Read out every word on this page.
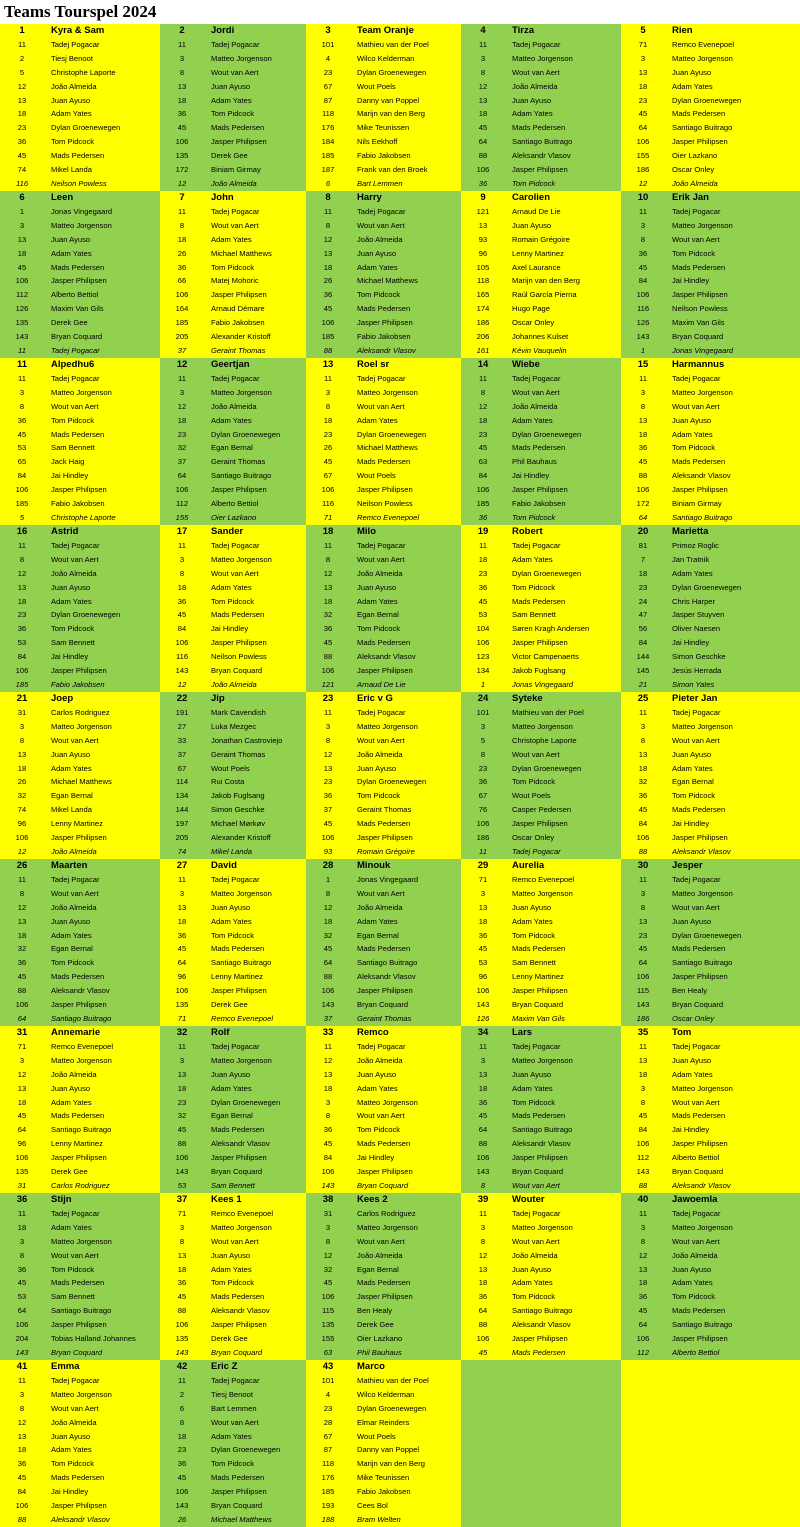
Teams Tourspel 2024
1	Kyra & Sam
11	Tadej Pogacar
2	Tiesj Benoot
5	Christophe Laporte
12	João Almeida
13	Juan Ayuso
18	Adam Yates
23	Dylan Groenewegen
36	Tom Pidcock
45	Mads Pedersen
74	Mikel Landa
116	Neilson Powless
2	Jordi
11	Tadej Pogacar
3	Matteo Jorgenson
8	Wout van Aert
13	Juan Ayuso
18	Adam Yates
36	Tom Pidcock
45	Mads Pedersen
106	Jasper Philipsen
135	Derek Gee
172	Biniam Girmay
12	João Almeida
3	Team Oranje
101	Mathieu van der Poel
4	Wilco Kelderman
23	Dylan Groenewegen
67	Wout Poels
87	Danny van Poppel
118	Marijn van den Berg
176	Mike Teunissen
184	Nils Eekhoff
185	Fabio Jakobsen
187	Frank van den Broek
6	Bart Lemmen
4	Tirza
11	Tadej Pogacar
3	Matteo Jorgenson
8	Wout van Aert
12	João Almeida
13	Juan Ayuso
18	Adam Yates
45	Mads Pedersen
64	Santiago Buitrago
88	Aleksandr Vlasov
106	Jasper Philipsen
36	Tom Pidcock
5	Rien
71	Remco Evenepoel
3	Matteo Jorgenson
13	Juan Ayuso
18	Adam Yates
23	Dylan Groenewegen
45	Mads Pedersen
64	Santiago Buitrago
106	Jasper Philipsen
155	Oier Lazkano
186	Oscar Onley
12	João Almeida
6	Leen
1	Jonas Vingegaard
3	Matteo Jorgenson
13	Juan Ayuso
18	Adam Yates
45	Mads Pedersen
106	Jasper Philipsen
112	Alberto Bettiol
126	Maxim Van Gils
135	Derek Gee
143	Bryan Coquard
11	Tadej Pogacar
7	John
11	Tadej Pogacar
8	Wout van Aert
18	Adam Yates
26	Michael Matthews
36	Tom Pidcock
66	Matej Mohoric
106	Jasper Philipsen
164	Arnaud Démare
185	Fabio Jakobsen
205	Alexander Kristoff
37	Geraint Thomas
8	Harry
11	Tadej Pogacar
8	Wout van Aert
12	João Almeida
13	Juan Ayuso
18	Adam Yates
26	Michael Matthews
36	Tom Pidcock
45	Mads Pedersen
106	Jasper Philipsen
185	Fabio Jakobsen
88	Aleksandr Vlasov
9	Carolien
121	Arnaud De Lie
13	Juan Ayuso
93	Romain Grégoire
96	Lenny Martinez
105	Axel Laurance
118	Marijn van den Berg
165	Raúl García Pierna
174	Hugo Page
186	Oscar Onley
206	Johannes Kulset
161	Kévin Vauquelin
10	Erik Jan
11	Tadej Pogacar
3	Matteo Jorgenson
8	Wout van Aert
36	Tom Pidcock
45	Mads Pedersen
84	Jai Hindley
106	Jasper Philipsen
116	Neilson Powless
126	Maxim Van Gils
143	Bryan Coquard
1	Jonas Vingegaard
11	Alpedhu6
11	Tadej Pogacar
3	Matteo Jorgenson
8	Wout van Aert
36	Tom Pidcock
45	Mads Pedersen
53	Sam Bennett
65	Jack Haig
84	Jai Hindley
106	Jasper Philipsen
185	Fabio Jakobsen
5	Christophe Laporte
12	Geertjan
11	Tadej Pogacar
3	Matteo Jorgenson
12	João Almeida
18	Adam Yates
23	Dylan Groenewegen
32	Egan Bernal
37	Geraint Thomas
64	Santiago Buitrago
106	Jasper Philipsen
112	Alberto Bettiol
155	Oier Lazkano
13	Roel sr
11	Tadej Pogacar
3	Matteo Jorgenson
8	Wout van Aert
18	Adam Yates
23	Dylan Groenewegen
26	Michael Matthews
45	Mads Pedersen
67	Wout Poels
106	Jasper Philipsen
116	Neilson Powless
71	Remco Evenepoel
14	Wiebe
11	Tadej Pogacar
8	Wout van Aert
12	João Almeida
18	Adam Yates
23	Dylan Groenewegen
45	Mads Pedersen
63	Phil Bauhaus
84	Jai Hindley
106	Jasper Philipsen
185	Fabio Jakobsen
36	Tom Pidcock
15	Harmannus
11	Tadej Pogacar
3	Matteo Jorgenson
8	Wout van Aert
13	Juan Ayuso
18	Adam Yates
36	Tom Pidcock
45	Mads Pedersen
88	Aleksandr Vlasov
106	Jasper Philipsen
172	Biniam Girmay
64	Santiago Buitrago
16	Astrid
11	Tadej Pogacar
8	Wout van Aert
12	João Almeida
13	Juan Ayuso
18	Adam Yates
23	Dylan Groenewegen
36	Tom Pidcock
53	Sam Bennett
84	Jai Hindley
106	Jasper Philipsen
185	Fabio Jakobsen
17	Sander
11	Tadej Pogacar
3	Matteo Jorgenson
8	Wout van Aert
18	Adam Yates
36	Tom Pidcock
45	Mads Pedersen
84	Jai Hindley
106	Jasper Philipsen
116	Neilson Powless
143	Bryan Coquard
12	João Almeida
18	Milo
11	Tadej Pogacar
8	Wout van Aert
12	João Almeida
13	Juan Ayuso
18	Adam Yates
32	Egan Bernal
36	Tom Pidcock
45	Mads Pedersen
88	Aleksandr Vlasov
106	Jasper Philipsen
121	Arnaud De Lie
19	Robert
11	Tadej Pogacar
18	Adam Yates
23	Dylan Groenewegen
36	Tom Pidcock
45	Mads Pedersen
53	Sam Bennett
104	Søren Kragh Andersen
106	Jasper Philipsen
123	Victor Campenaerts
134	Jakob Fuglsang
1	Jonas Vingegaard
20	Marietta
81	Primoz Roglic
7	Jan Tratnik
18	Adam Yates
23	Dylan Groenewegen
24	Chris Harper
47	Jasper Stuyven
56	Oliver Naesen
84	Jai Hindley
144	Simon Geschke
145	Jesús Herrada
21	Simon Yates
21	Joep
31	Carlos Rodriguez
3	Matteo Jorgenson
8	Wout van Aert
13	Juan Ayuso
18	Adam Yates
26	Michael Matthews
32	Egan Bernal
74	Mikel Landa
96	Lenny Martinez
106	Jasper Philipsen
12	João Almeida
22	Jip
191	Mark Cavendish
27	Luka Mezgec
33	Jonathan Castroviejo
37	Geraint Thomas
67	Wout Poels
114	Rui Costa
134	Jakob Fuglsang
144	Simon Geschke
197	Michael Mørkøv
205	Alexander Kristoff
74	Mikel Landa
23	Eric v G
11	Tadej Pogacar
3	Matteo Jorgenson
8	Wout van Aert
12	João Almeida
13	Juan Ayuso
23	Dylan Groenewegen
36	Tom Pidcock
37	Geraint Thomas
45	Mads Pedersen
106	Jasper Philipsen
93	Romain Grégoire
24	Syteke
101	Mathieu van der Poel
3	Matteo Jorgenson
5	Christophe Laporte
8	Wout van Aert
23	Dylan Groenewegen
36	Tom Pidcock
67	Wout Poels
76	Casper Pedersen
106	Jasper Philipsen
186	Oscar Onley
11	Tadej Pogacar
25	Pieter Jan
11	Tadej Pogacar
3	Matteo Jorgenson
8	Wout van Aert
13	Juan Ayuso
18	Adam Yates
32	Egan Bernal
36	Tom Pidcock
45	Mads Pedersen
84	Jai Hindley
106	Jasper Philipsen
88	Aleksandr Vlasov
26	Maarten
11	Tadej Pogacar
8	Wout van Aert
12	João Almeida
13	Juan Ayuso
18	Adam Yates
32	Egan Bernal
36	Tom Pidcock
45	Mads Pedersen
88	Aleksandr Vlasov
106	Jasper Philipsen
64	Santiago Buitrago
27	David
11	Tadej Pogacar
3	Matteo Jorgenson
13	Juan Ayuso
18	Adam Yates
36	Tom Pidcock
45	Mads Pedersen
64	Santiago Buitrago
96	Lenny Martinez
106	Jasper Philipsen
135	Derek Gee
71	Remco Evenepoel
28	Minouk
1	Jonas Vingegaard
8	Wout van Aert
12	João Almeida
18	Adam Yates
32	Egan Bernal
45	Mads Pedersen
64	Santiago Buitrago
88	Aleksandr Vlasov
106	Jasper Philipsen
143	Bryan Coquard
37	Geraint Thomas
29	Aurelia
71	Remco Evenepoel
3	Matteo Jorgenson
13	Juan Ayuso
18	Adam Yates
36	Tom Pidcock
45	Mads Pedersen
53	Sam Bennett
96	Lenny Martinez
106	Jasper Philipsen
143	Bryan Coquard
126	Maxim Van Gils
30	Jesper
11	Tadej Pogacar
3	Matteo Jorgenson
8	Wout van Aert
13	Juan Ayuso
23	Dylan Groenewegen
45	Mads Pedersen
64	Santiago Buitrago
106	Jasper Philipsen
115	Ben Healy
143	Bryan Coquard
186	Oscar Onley
31	Annemarie
71	Remco Evenepoel
3	Matteo Jorgenson
12	João Almeida
13	Juan Ayuso
18	Adam Yates
45	Mads Pedersen
64	Santiago Buitrago
96	Lenny Martinez
106	Jasper Philipsen
135	Derek Gee
31	Carlos Rodriguez
32	Rolf
11	Tadej Pogacar
3	Matteo Jorgenson
13	Juan Ayuso
18	Adam Yates
23	Dylan Groenewegen
32	Egan Bernal
45	Mads Pedersen
88	Aleksandr Vlasov
106	Jasper Philipsen
143	Bryan Coquard
53	Sam Bennett
33	Remco
11	Tadej Pogacar
12	João Almeida
13	Juan Ayuso
18	Adam Yates
3	Matteo Jorgenson
8	Wout van Aert
36	Tom Pidcock
45	Mads Pedersen
84	Jai Hindley
106	Jasper Philipsen
143	Bryan Coquard
34	Lars
11	Tadej Pogacar
3	Matteo Jorgenson
13	Juan Ayuso
18	Adam Yates
36	Tom Pidcock
45	Mads Pedersen
64	Santiago Buitrago
88	Aleksandr Vlasov
106	Jasper Philipsen
143	Bryan Coquard
8	Wout van Aert
35	Tom
11	Tadej Pogacar
13	Juan Ayuso
18	Adam Yates
3	Matteo Jorgenson
8	Wout van Aert
45	Mads Pedersen
84	Jai Hindley
106	Jasper Philipsen
112	Alberto Bettiol
143	Bryan Coquard
88	Aleksandr Vlasov
36	Stijn
11	Tadej Pogacar
18	Adam Yates
3	Matteo Jorgenson
8	Wout van Aert
36	Tom Pidcock
45	Mads Pedersen
53	Sam Bennett
64	Santiago Buitrago
106	Jasper Philipsen
204	Tobias Halland Johannes
143	Bryan Coquard
37	Kees 1
71	Remco Evenepoel
3	Matteo Jorgenson
8	Wout van Aert
13	Juan Ayuso
18	Adam Yates
36	Tom Pidcock
45	Mads Pedersen
88	Aleksandr Vlasov
106	Jasper Philipsen
135	Derek Gee
143	Bryan Coquard
38	Kees 2
31	Carlos Rodriguez
3	Matteo Jorgenson
8	Wout van Aert
12	João Almeida
32	Egan Bernal
45	Mads Pedersen
106	Jasper Philipsen
115	Ben Healy
135	Derek Gee
155	Oier Lazkano
63	Phil Bauhaus
39	Wouter
11	Tadej Pogacar
3	Matteo Jorgenson
8	Wout van Aert
12	João Almeida
13	Juan Ayuso
18	Adam Yates
36	Tom Pidcock
64	Santiago Buitrago
88	Aleksandr Vlasov
106	Jasper Philipsen
45	Mads Pedersen
40	Jawoemla
11	Tadej Pogacar
3	Matteo Jorgenson
8	Wout van Aert
12	João Almeida
13	Juan Ayuso
18	Adam Yates
36	Tom Pidcock
45	Mads Pedersen
64	Santiago Buitrago
106	Jasper Philipsen
112	Alberto Bettiol
41	Emma
11	Tadej Pogacar
3	Matteo Jorgenson
8	Wout van Aert
12	João Almeida
13	Juan Ayuso
18	Adam Yates
36	Tom Pidcock
45	Mads Pedersen
84	Jai Hindley
106	Jasper Philipsen
88	Aleksandr Vlasov
42	Eric Z
11	Tadej Pogacar
2	Tiesj Benoot
6	Bart Lemmen
8	Wout van Aert
18	Adam Yates
23	Dylan Groenewegen
36	Tom Pidcock
45	Mads Pedersen
106	Jasper Philipsen
143	Bryan Coquard
26	Michael Matthews
43	Marco
101	Mathieu van der Poel
4	Wilco Kelderman
23	Dylan Groenewegen
28	Elmar Reinders
67	Wout Poels
87	Danny van Poppel
118	Marijn van den Berg
176	Mike Teunissen
185	Fabio Jakobsen
193	Cees Bol
188	Bram Welten
